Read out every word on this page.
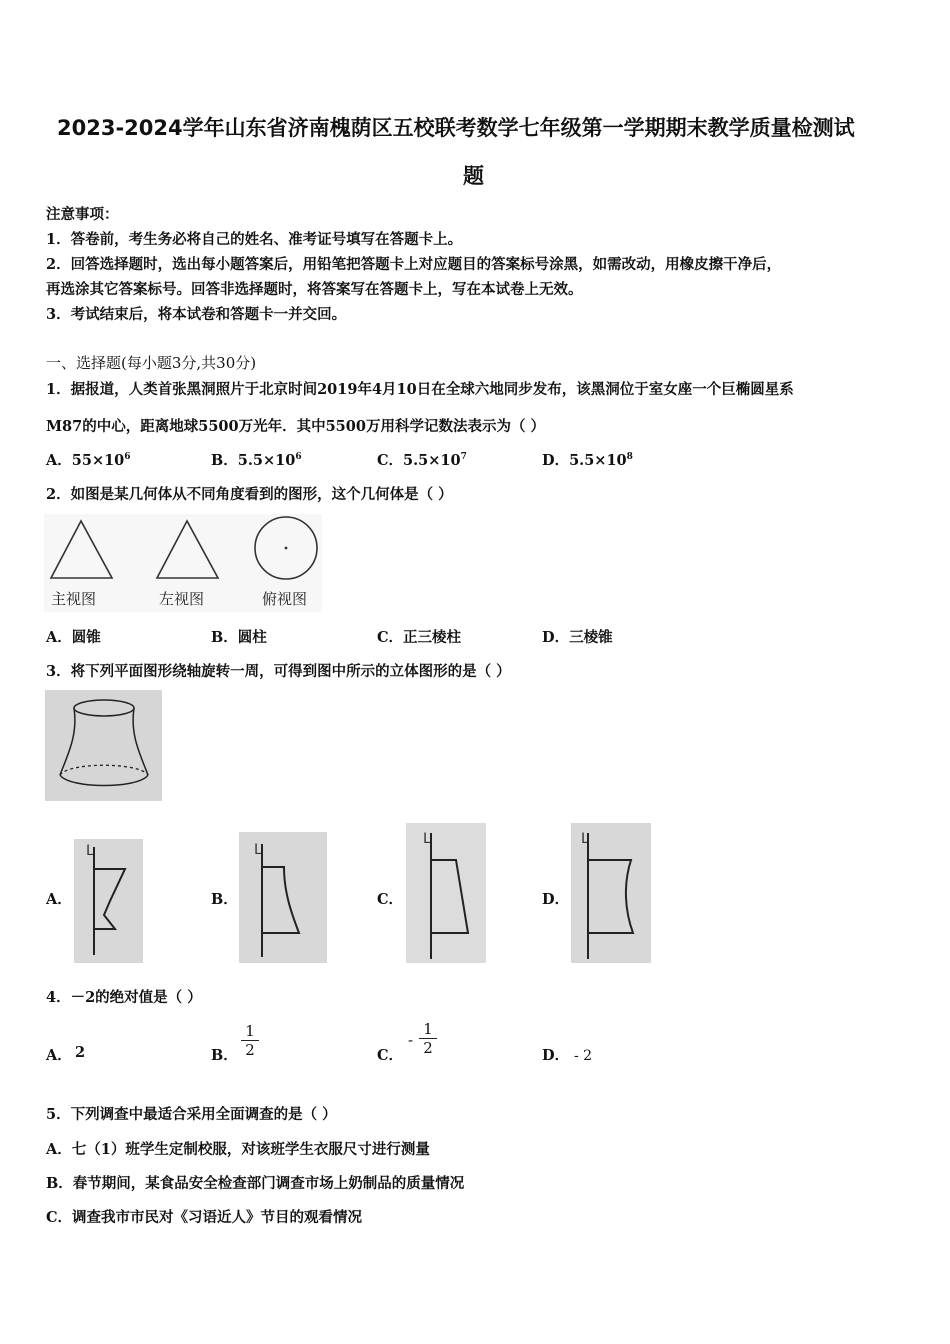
2023-2024学年山东省济南槐荫区五校联考数学七年级第一学期期末教学质量检测试
题
注意事项：
1．答卷前，考生务必将自己的姓名、准考证号填写在答题卡上。
2．回答选择题时，选出每小题答案后，用铅笔把答题卡上对应题目的答案标号涂黑，如需改动，用橡皮擦干净后，
再选涂其它答案标号。回答非选择题时，将答案写在答题卡上，写在本试卷上无效。
3．考试结束后，将本试卷和答题卡一并交回。
一、选择题(每小题3分,共30分)
1．据报道，人类首张黑洞照片于北京时间2019年4月10日在全球六地同步发布，该黑洞位于室女座一个巨椭圆星系
M87的中心，距离地球5500万光年．其中5500万用科学记数法表示为（ ）
A．$55\times 10^6$	B．$5.5\times 10^6$	C．$5.5\times 10^7$	D．$5.5\times 10^8$
2．如图是某几何体从不同角度看到的图形，这个几何体是（ ）
主视图	左视图	俯视图
A．圆锥	B．圆柱	C．正三棱柱	D．三棱锥
3．将下列平面图形绕轴旋转一周，可得到图中所示的立体图形的是（ ）
A．
L
B．
L
C．
L
D．
L
4．－2的绝对值是（ ）
A． 2	B． $\frac{1}{2}$	C．
- $\frac{1}{2}$	D． - 2
5．下列调查中最适合采用全面调查的是（ ）
A．七（1）班学生定制校服，对该班学生衣服尺寸进行测量
B．春节期间，某食品安全检查部门调查市场上奶制品的质量情况
C．调查我市市民对《习语近人》节目的观看情况
